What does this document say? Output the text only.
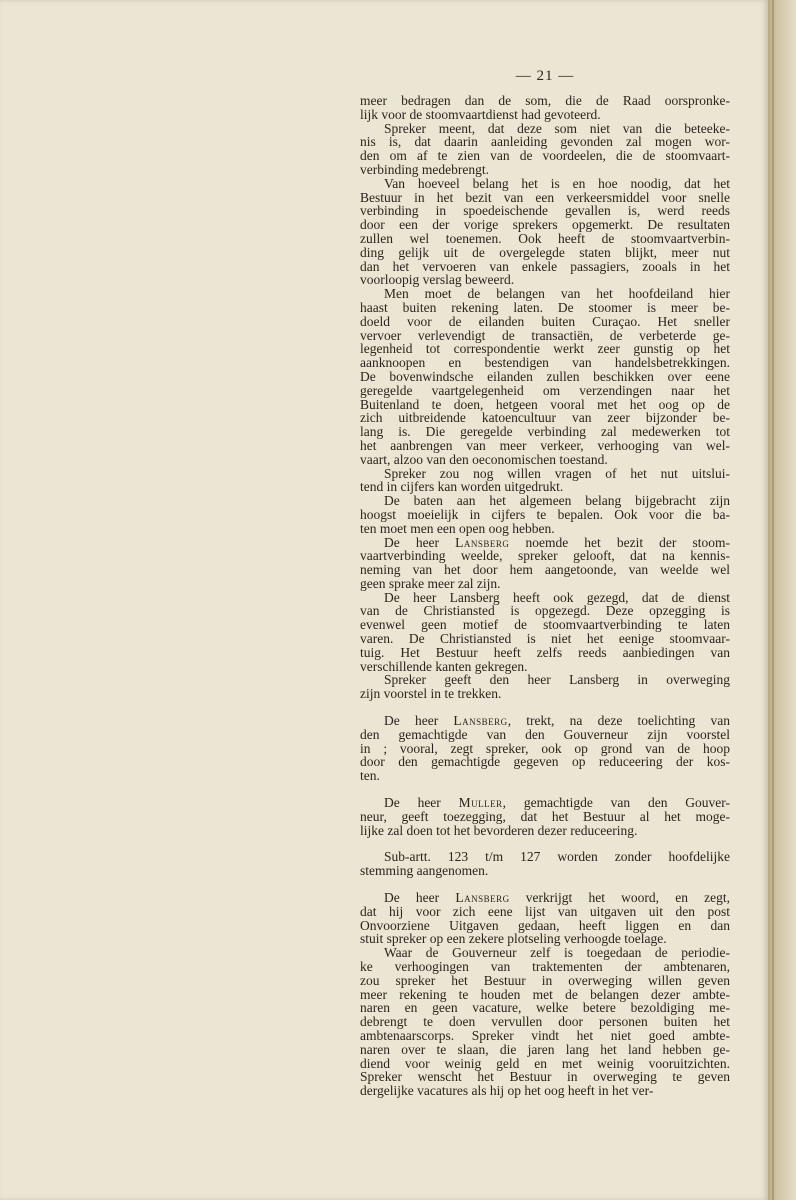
— 21 —
meer bedragen dan de som, die de Raad oorspronke-
lijk voor de stoomvaartdienst had gevoteerd.
Spreker meent, dat deze som niet van die beteeke-
nis is, dat daarin aanleiding gevonden zal mogen wor-
den om af te zien van de voordeelen, die de stoomvaart-
verbinding medebrengt.
Van hoeveel belang het is en hoe noodig, dat het
Bestuur in het bezit van een verkeersmiddel voor snelle
verbinding in spoedeischende gevallen is, werd reeds
door een der vorige sprekers opgemerkt. De resultaten
zullen wel toenemen. Ook heeft de stoomvaartverbin-
ding gelijk uit de overgelegde staten blijkt, meer nut
dan het vervoeren van enkele passagiers, zooals in het
voorloopig verslag beweerd.
Men moet de belangen van het hoofdeiland hier
haast buiten rekening laten. De stoomer is meer be-
doeld voor de eilanden buiten Curaçao. Het sneller
vervoer verlevendigt de transactiën, de verbeterde ge-
legenheid tot correspondentie werkt zeer gunstig op het
aanknoopen en bestendigen van handelsbetrekkingen.
De bovenwindsche eilanden zullen beschikken over eene
geregelde vaartgelegenheid om verzendingen naar het
Buitenland te doen, hetgeen vooral met het oog op de
zich uitbreidende katoencultuur van zeer bijzonder be-
lang is. Die geregelde verbinding zal medewerken tot
het aanbrengen van meer verkeer, verhooging van wel-
vaart, alzoo van den oeconomischen toestand.
Spreker zou nog willen vragen of het nut uitslui-
tend in cijfers kan worden uitgedrukt.
De baten aan het algemeen belang bijgebracht zijn
hoogst moeielijk in cijfers te bepalen. Ook voor die ba-
ten moet men een open oog hebben.
De heer Lansberg noemde het bezit der stoom-
vaartverbinding weelde, spreker gelooft, dat na kennis-
neming van het door hem aangetoonde, van weelde wel
geen sprake meer zal zijn.
De heer Lansberg heeft ook gezegd, dat de dienst
van de Christiansted is opgezegd. Deze opzegging is
evenwel geen motief de stoomvaartverbinding te laten
varen. De Christiansted is niet het eenige stoomvaar-
tuig. Het Bestuur heeft zelfs reeds aanbiedingen van
verschillende kanten gekregen.
Spreker geeft den heer Lansberg in overweging
zijn voorstel in te trekken.
De heer Lansberg, trekt, na deze toelichting van
den gemachtigde van den Gouverneur zijn voorstel
in ; vooral, zegt spreker, ook op grond van de hoop
door den gemachtigde gegeven op reduceering der kos-
ten.
De heer Muller, gemachtigde van den Gouver-
neur, geeft toezegging, dat het Bestuur al het moge-
lijke zal doen tot het bevorderen dezer reduceering.
Sub-artt. 123 t/m 127 worden zonder hoofdelijke
stemming aangenomen.
De heer Lansberg verkrijgt het woord, en zegt,
dat hij voor zich eene lijst van uitgaven uit den post
Onvoorziene Uitgaven gedaan, heeft liggen en dan
stuit spreker op een zekere plotseling verhoogde toelage.
Waar de Gouverneur zelf is toegedaan de periodie-
ke verhoogingen van traktementen der ambtenaren,
zou spreker het Bestuur in overweging willen geven
meer rekening te houden met de belangen dezer ambte-
naren en geen vacature, welke betere bezoldiging me-
debrengt te doen vervullen door personen buiten het
ambtenaarscorps. Spreker vindt het niet goed ambte-
naren over te slaan, die jaren lang het land hebben ge-
diend voor weinig geld en met weinig vooruitzichten.
Spreker wenscht het Bestuur in overweging te geven
dergelijke vacatures als hij op het oog heeft in het ver-
